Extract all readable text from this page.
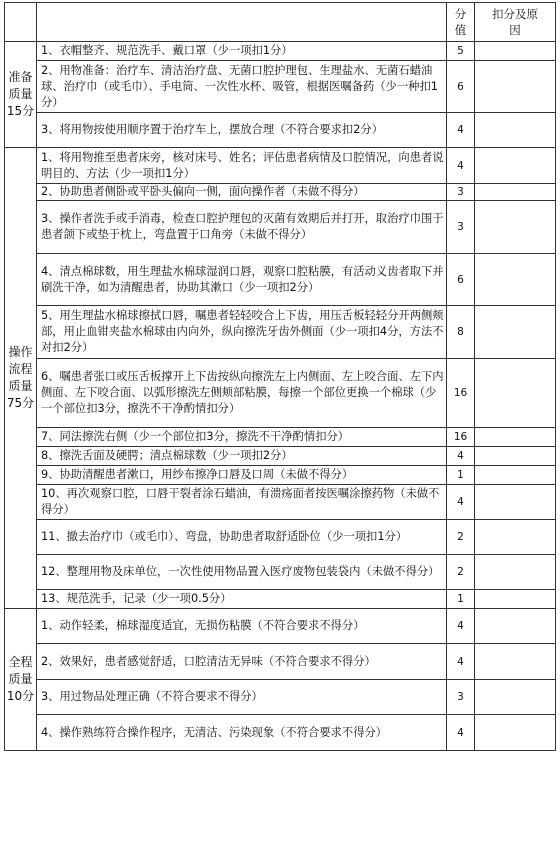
		分值	扣分及原因
准备质量15分	1、衣帽整齐、规范洗手、戴口罩（少一项扣1分）	5	
	2、用物准备：治疗车、清洁治疗盘、无菌口腔护理包、生理盐水、无菌石蜡油球、治疗巾（或毛巾）、手电筒、一次性水杯、吸管，根据医嘱备药（少一种扣1分）	6	
	3、将用物按使用顺序置于治疗车上，摆放合理（不符合要求扣2分）	4	
操作流程质量75分	1、将用物推至患者床旁，核对床号、姓名；评估患者病情及口腔情况，向患者说明目的、方法（少一项扣1分）	4	
	2、协助患者侧卧或平卧头偏向一侧，面向操作者（未做不得分）	3	
	3、操作者洗手或手消毒，检查口腔护理包的灭菌有效期后并打开，取治疗巾围于患者颌下或垫于枕上，弯盘置于口角旁（未做不得分）	3	
	4、清点棉球数，用生理盐水棉球湿润口唇，观察口腔粘膜，有活动义齿者取下并刷洗干净，如为清醒患者，协助其漱口（少一项扣2分）	6	
	5、用生理盐水棉球擦拭口唇，嘱患者轻轻咬合上下齿，用压舌板轻轻分开两侧颊部，用止血钳夹盐水棉球由内向外，纵向擦洗牙齿外侧面（少一项扣4分，方法不对扣2分）	8	
	6、嘱患者张口或压舌板撑开上下齿按纵向擦洗左上内侧面、左上咬合面、左下内侧面、左下咬合面、以弧形擦洗左侧颊部粘膜，每擦一个部位更换一个棉球（少一个部位扣3分，擦洗不干净酌情扣分）	16	
	7、同法擦洗右侧（少一个部位扣3分，擦洗不干净酌情扣分）	16	
	8、擦洗舌面及硬腭；清点棉球数（少一项扣2分）	4	
	9、协助清醒患者漱口，用纱布擦净口唇及口周（未做不得分）	1	
	10、再次观察口腔，口唇干裂者涂石蜡油，有溃疡面者按医嘱涂擦药物（未做不得分）	4	
	11、撤去治疗巾（或毛巾）、弯盘，协助患者取舒适卧位（少一项扣1分）	2	
	12、整理用物及床单位，一次性使用物品置入医疗废物包装袋内（未做不得分）	2	
	13、规范洗手，记录（少一项0.5分）	1	
全程质量10分	1、动作轻柔，棉球湿度适宜，无损伤粘膜（不符合要求不得分）	4	
	2、效果好，患者感觉舒适，口腔清洁无异味（不符合要求不得分）	4	
	3、用过物品处理正确（不符合要求不得分）	3	
	4、操作熟练符合操作程序，无清洁、污染现象（不符合要求不得分）	4	
